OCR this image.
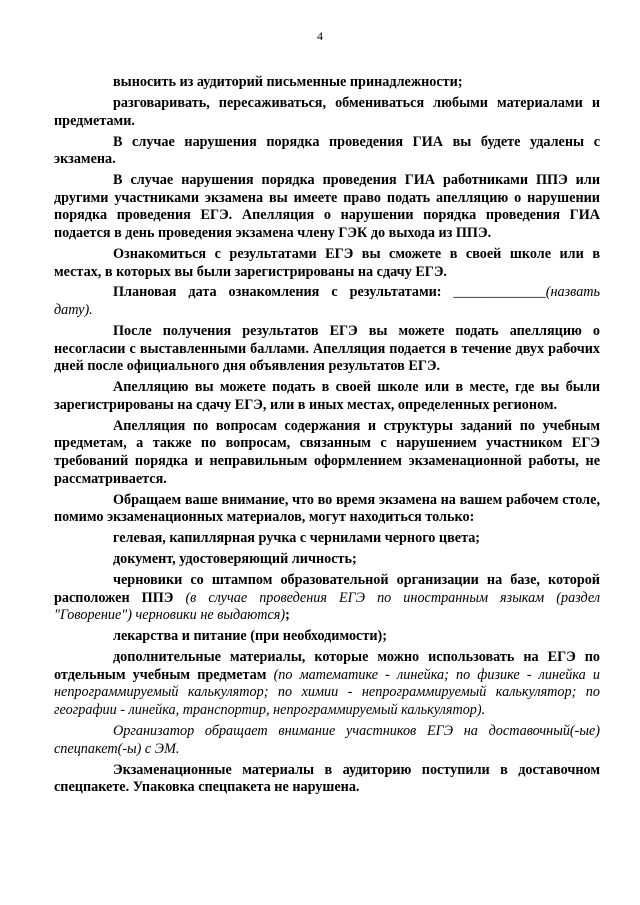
4

выносить из аудиторий письменные принадлежности;

разговаривать, пересаживаться, обмениваться любыми материалами и предметами.

В случае нарушения порядка проведения ГИА вы будете удалены с экзамена.

В случае нарушения порядка проведения ГИА работниками ППЭ или другими участниками экзамена вы имеете право подать апелляцию о нарушении порядка проведения ЕГЭ. Апелляция о нарушении порядка проведения ГИА подается в день проведения экзамена члену ГЭК до выхода из ППЭ.

Ознакомиться с результатами ЕГЭ вы сможете в своей школе или в местах, в которых вы были зарегистрированы на сдачу ЕГЭ.

Плановая дата ознакомления с результатами: _____________(назвать дату).

После получения результатов ЕГЭ вы можете подать апелляцию о несогласии с выставленными баллами. Апелляция подается в течение двух рабочих дней после официального дня объявления результатов ЕГЭ.

Апелляцию вы можете подать в своей школе или в месте, где вы были зарегистрированы на сдачу ЕГЭ, или в иных местах, определенных регионом.

Апелляция по вопросам содержания и структуры заданий по учебным предметам, а также по вопросам, связанным с нарушением участником ЕГЭ требований порядка и неправильным оформлением экзаменационной работы, не рассматривается.

Обращаем ваше внимание, что во время экзамена на вашем рабочем столе, помимо экзаменационных материалов, могут находиться только:

гелевая, капиллярная ручка с чернилами черного цвета;

документ, удостоверяющий личность;

черновики со штампом образовательной организации на базе, которой расположен ППЭ (в случае проведения ЕГЭ по иностранным языкам (раздел "Говорение") черновики не выдаются);

лекарства и питание (при необходимости);

дополнительные материалы, которые можно использовать на ЕГЭ по отдельным учебным предметам (по математике - линейка; по физике - линейка и непрограммируемый калькулятор; по химии - непрограммируемый калькулятор; по географии - линейка, транспортир, непрограммируемый калькулятор).

Организатор обращает внимание участников ЕГЭ на доставочный(-ые) спецпакет(-ы) с ЭМ.

Экзаменационные материалы в аудиторию поступили в доставочном спецпакете. Упаковка спецпакета не нарушена.
